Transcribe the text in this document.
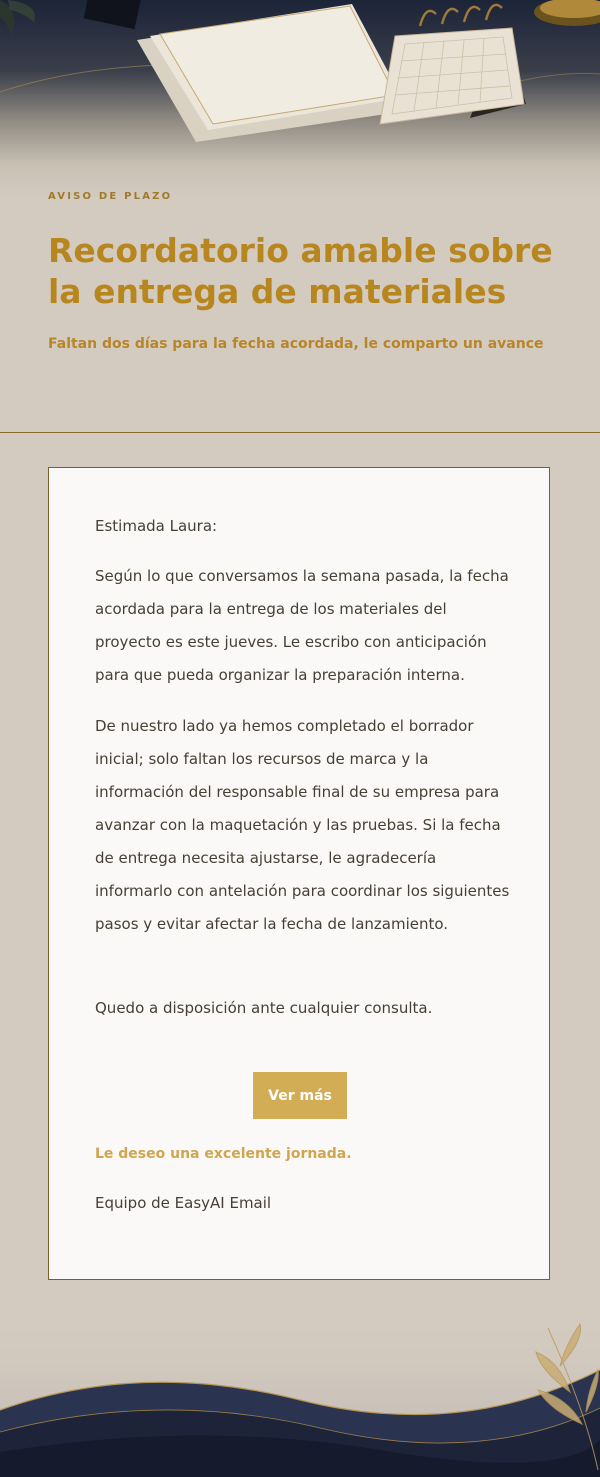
AVISO DE PLAZO
Recordatorio amable sobre la entrega de materiales
Faltan dos días para la fecha acordada, le comparto un avance

Estimada Laura:

Según lo que conversamos la semana pasada, la fecha acordada para la entrega de los materiales del proyecto es este jueves. Le escribo con anticipación para que pueda organizar la preparación interna.

De nuestro lado ya hemos completado el borrador inicial; solo faltan los recursos de marca y la información del responsable final de su empresa para avanzar con la maquetación y las pruebas. Si la fecha de entrega necesita ajustarse, le agradecería informarlo con antelación para coordinar los siguientes pasos y evitar afectar la fecha de lanzamiento.

Quedo a disposición ante cualquier consulta.

Ver más
Le deseo una excelente jornada.
Equipo de EasyAI Email
